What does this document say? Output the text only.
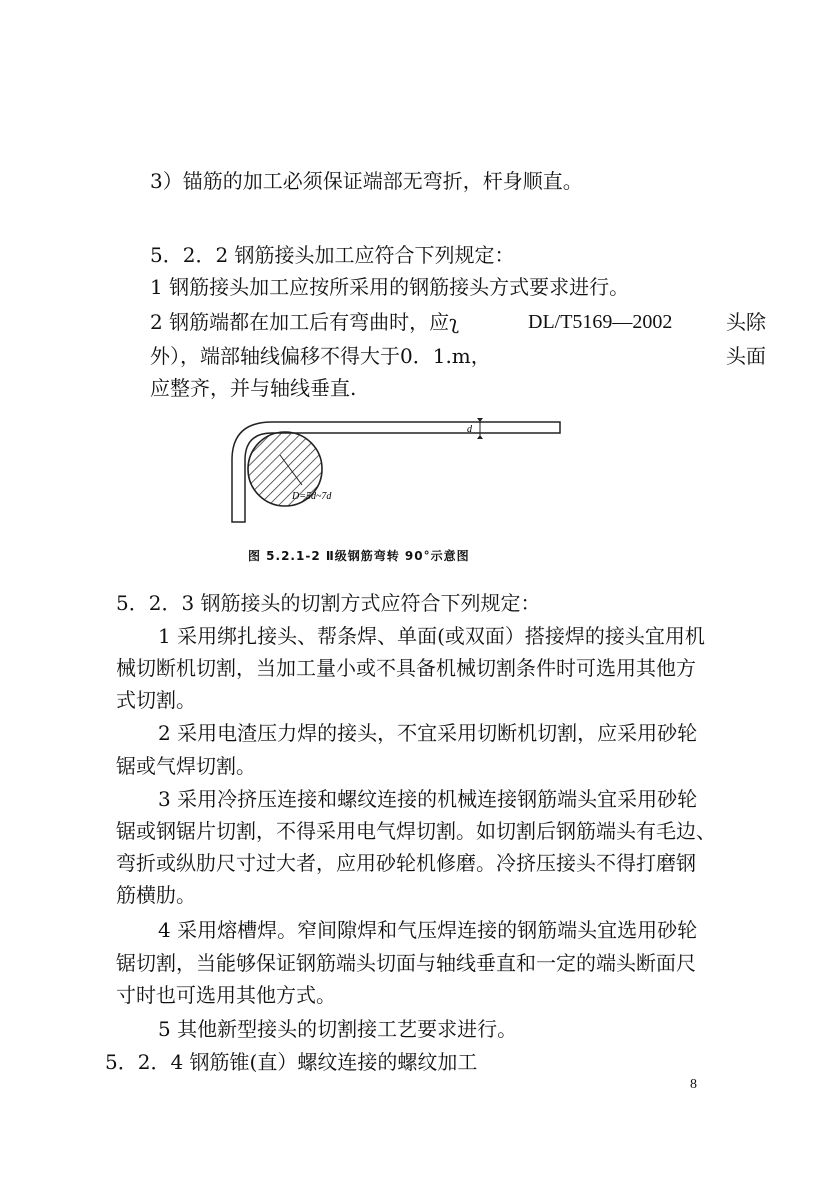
3）锚筋的加工必须保证端部无弯折，杆身顺直。
5．2．2 钢筋接头加工应符合下列规定：
1 钢筋接头加工应按所采用的钢筋接头方式要求进行。
2 钢筋端都在加工后有弯曲时，应ʅ	头除
DL/T5169—2002
外），端部轴线偏移不得大于0．1.m，	头面
应整齐，并与轴线垂直.
d
D=5d~7d
图 5.2.1-2 Ⅱ级钢筋弯转 90°示意图
5．2．3 钢筋接头的切割方式应符合下列规定：
1 采用绑扎接头、帮条焊、单面(或双面）搭接焊的接头宜用机
械切断机切割，当加工量小或不具备机械切割条件时可选用其他方
式切割。
2 采用电渣压力焊的接头，不宜采用切断机切割，应采用砂轮
锯或气焊切割。
3 采用冷挤压连接和螺纹连接的机械连接钢筋端头宜采用砂轮
锯或钢锯片切割，不得采用电气焊切割。如切割后钢筋端头有毛边、
弯折或纵肋尺寸过大者，应用砂轮机修磨。冷挤压接头不得打磨钢
筋横肋。
4 采用熔槽焊。窄间隙焊和气压焊连接的钢筋端头宜选用砂轮
锯切割，当能够保证钢筋端头切面与轴线垂直和一定的端头断面尺
寸时也可选用其他方式。
5 其他新型接头的切割接工艺要求进行。
5．2．4 钢筋锥(直）螺纹连接的螺纹加工
8
